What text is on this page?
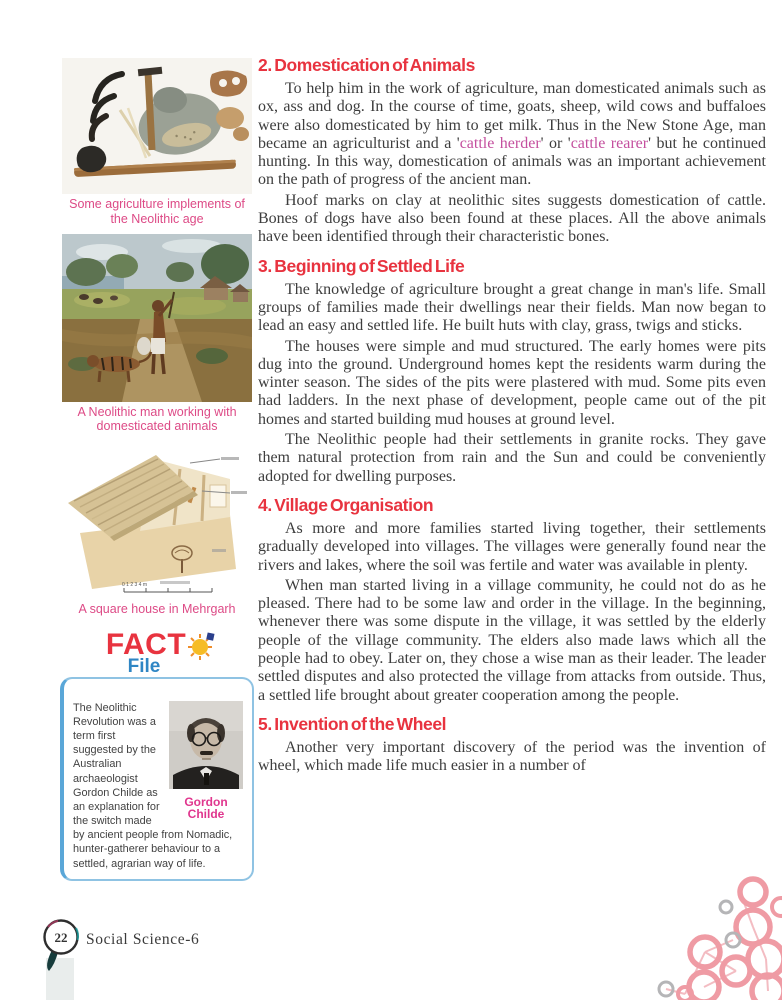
Some agriculture implements of the Neolithic age
A Neolithic man working with domesticated animals
0 1 2 3 4 m
A square house in Mehrgarh
FACT
File
Gordon Childe
The Neolithic Revolution was a term first suggested by the Australian archaeologist Gordon Childe as an explanation for the switch made by ancient people from Nomadic, hunter-gatherer behaviour to a settled, agrarian way of life.
2. Domestication of Animals

To help him in the work of agriculture, man domesticated animals such as ox, ass and dog. In the course of time, goats, sheep, wild cows and buffaloes were also domesticated by him to get milk. Thus in the New Stone Age, man became an agriculturist and a 'cattle herder' or 'cattle rearer' but he continued hunting. In this way, domestication of animals was an important achievement on the path of progress of the ancient man.

Hoof marks on clay at neolithic sites suggests domestication of cattle. Bones of dogs have also been found at these places. All the above animals have been identified through their characteristic bones.

3. Beginning of Settled Life

The knowledge of agriculture brought a great change in man's life. Small groups of families made their dwellings near their fields. Man now began to lead an easy and settled life. He built huts with clay, grass, twigs and sticks.

The houses were simple and mud structured. The early homes were pits dug into the ground. Underground homes kept the residents warm during the winter season. The sides of the pits were plastered with mud. Some pits even had ladders. In the next phase of development, people came out of the pit homes and started building mud houses at ground level.

The Neolithic people had their settlements in granite rocks. They gave them natural protection from rain and the Sun and could be conveniently adopted for dwelling purposes.

4. Village Organisation

As more and more families started living together, their settlements gradually developed into villages. The villages were generally found near the rivers and lakes, where the soil was fertile and water was available in plenty.

When man started living in a village community, he could not do as he pleased. There had to be some law and order in the village. In the beginning, whenever there was some dispute in the village, it was settled by the elderly people of the village community. The elders also made laws which all the people had to obey. Later on, they chose a wise man as their leader. The leader settled disputes and also protected the village from attacks from outside. Thus, a settled life brought about greater cooperation among the people.

5. Invention of the Wheel

Another very important discovery of the period was the invention of wheel, which made life much easier in a number of

22 Social Science-6
